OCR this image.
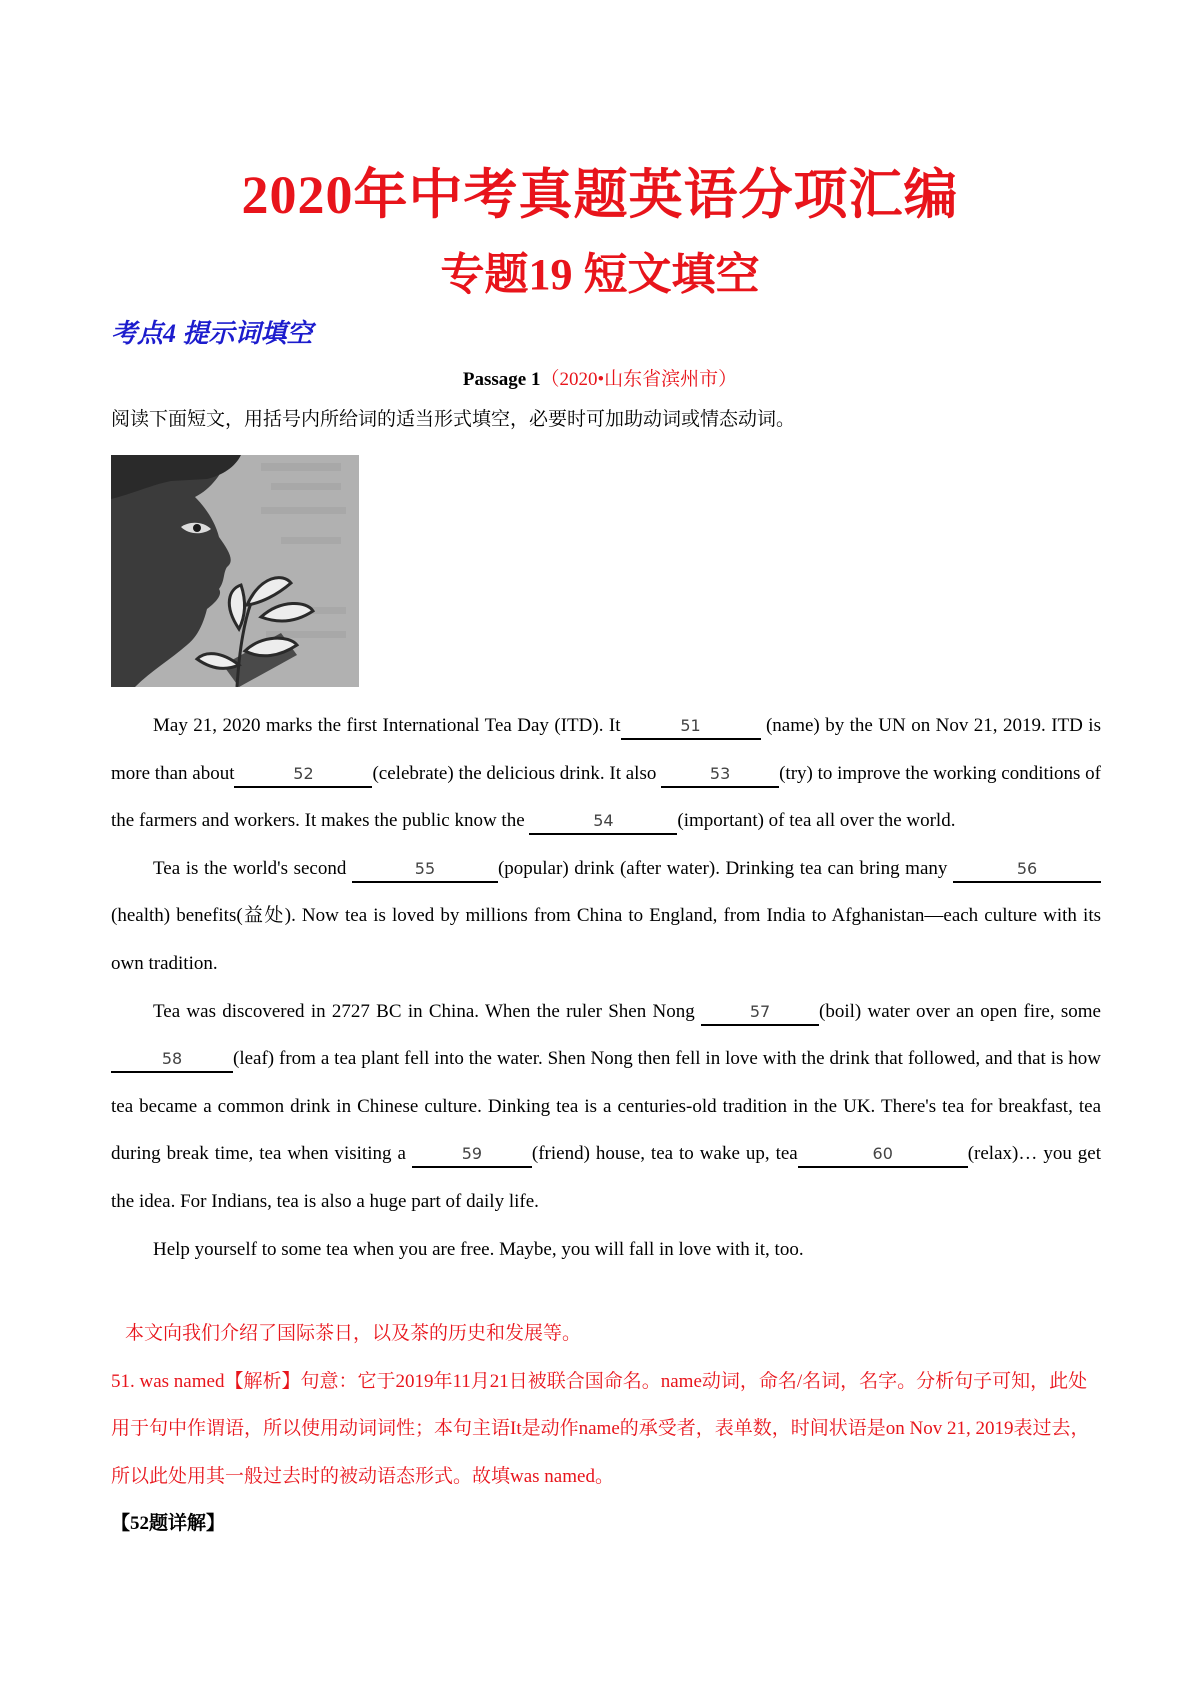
2020年中考真题英语分项汇编
专题19 短文填空
考点4 提示词填空
Passage 1（2020•山东省滨州市）
阅读下面短文，用括号内所给词的适当形式填空，必要时可加助动词或情态动词。

May 21, 2020 marks the first International Tea Day (ITD). It	51	(name) by the UN on Nov 21, 2019. ITD is more than about	52	(celebrate) the delicious drink. It also	53	(try) to improve the working conditions of the farmers and workers. It makes the public know the	54	(important) of tea all over the world.

Tea is the world's second	55	(popular) drink (after water). Drinking tea can bring many	56(health) benefits(益处). Now tea is loved by millions from China to England, from India to Afghanistan—each culture with its own tradition.

Tea was discovered in 2727 BC in China. When the ruler Shen Nong	57	(boil) water over an open fire, some 58	(leaf) from a tea plant fell into the water. Shen Nong then fell in love with the drink that followed, and that is how tea became a common drink in Chinese culture. Dinking tea is a centuries-old tradition in the UK. There's tea for breakfast, tea during break time, tea when visiting a	59	(friend) house, tea to wake up, tea	60	(relax)… you get the idea. For Indians, tea is also a huge part of daily life.

Help yourself to some tea when you are free. Maybe, you will fall in love with it, too.

本文向我们介绍了国际茶日，以及茶的历史和发展等。

51. was named【解析】句意：它于2019年11月21日被联合国命名。name动词，命名/名词，名字。分析句子可知，此处用于句中作谓语，所以使用动词词性；本句主语It是动作name的承受者，表单数，时间状语是on Nov 21, 2019表过去，所以此处用其一般过去时的被动语态形式。故填was named。

【52题详解】
